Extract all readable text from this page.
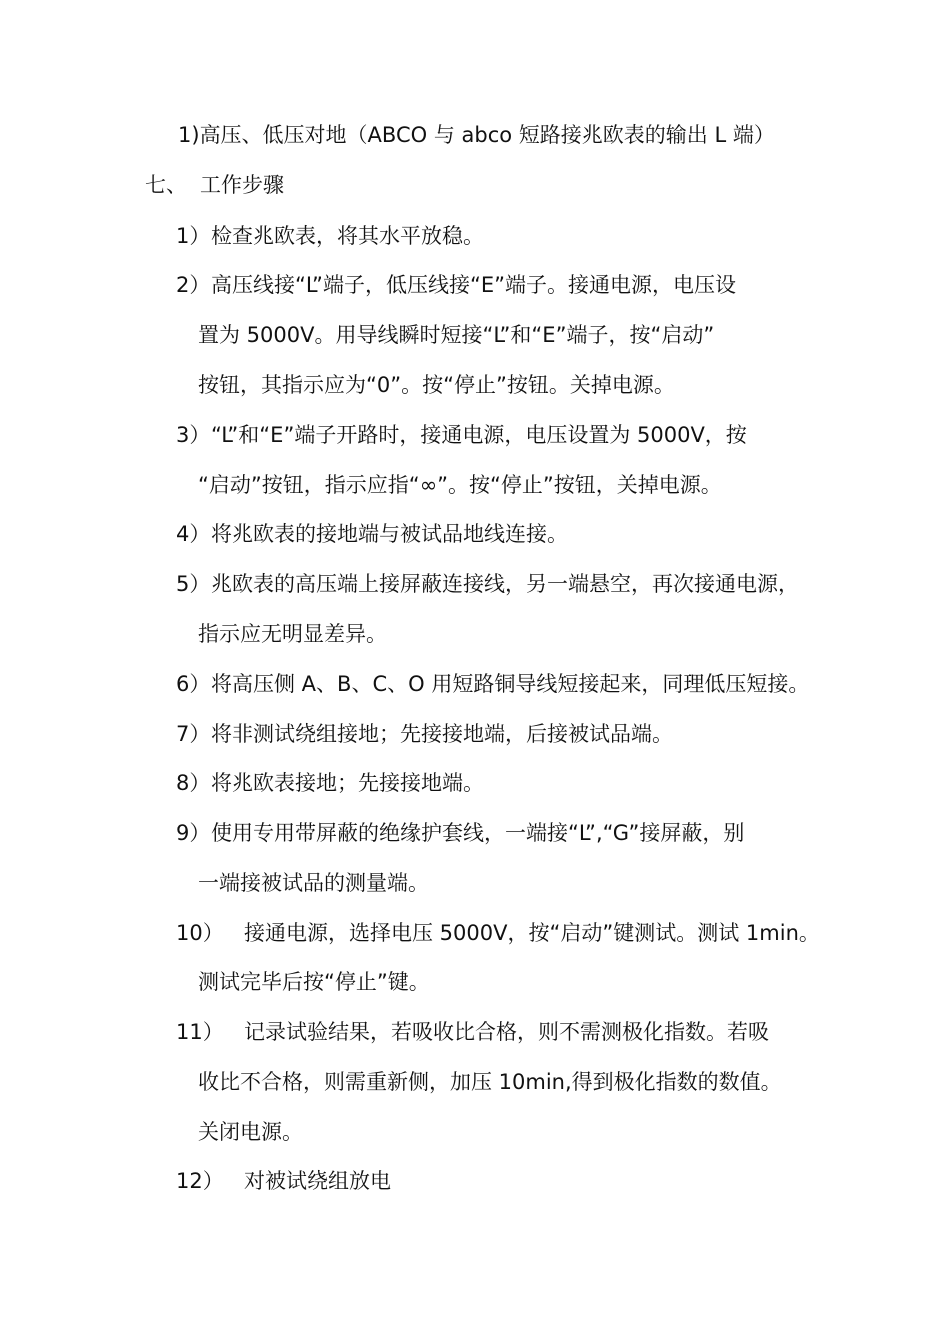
1)高压、低压对地（ABCO 与 abco 短路接兆欧表的输出 L 端）
七、 工作步骤
1）检查兆欧表，将其水平放稳。
2）高压线接“L”端子，低压线接“E”端子。接通电源，电压设
置为 5000V。用导线瞬时短接“L”和“E”端子，按“启动”
按钮，其指示应为“0”。按“停止”按钮。关掉电源。
3）“L”和“E”端子开路时，接通电源，电压设置为 5000V，按
“启动”按钮，指示应指“∞”。按“停止”按钮，关掉电源。
4）将兆欧表的接地端与被试品地线连接。
5）兆欧表的高压端上接屏蔽连接线，另一端悬空，再次接通电源，
指示应无明显差异。
6）将高压侧 A、B、C、O 用短路铜导线短接起来，同理低压短接。
7）将非测试绕组接地；先接接地端，后接被试品端。
8）将兆欧表接地；先接接地端。
9）使用专用带屏蔽的绝缘护套线，一端接“L”,“G”接屏蔽，别
一端接被试品的测量端。
10） 接通电源，选择电压 5000V，按“启动”键测试。测试 1min。
测试完毕后按“停止”键。
11） 记录试验结果，若吸收比合格，则不需测极化指数。若吸
收比不合格，则需重新侧，加压 10min,得到极化指数的数值。
关闭电源。
12） 对被试绕组放电
